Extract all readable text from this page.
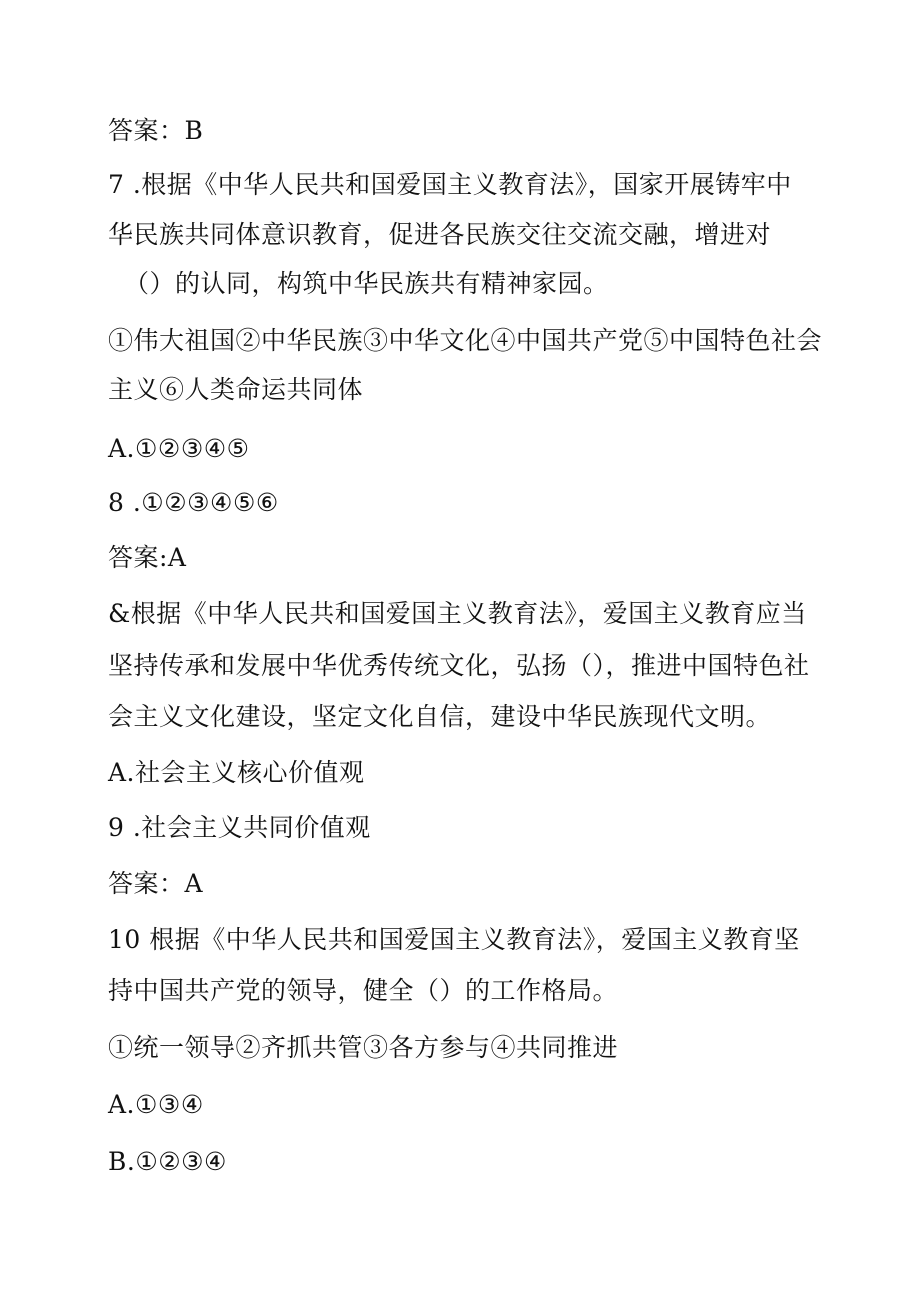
答案：B
7 .根据《中华人民共和国爱国主义教育法》，国家开展铸牢中
华民族共同体意识教育，促进各民族交往交流交融，增进对
（）的认同，构筑中华民族共有精神家园。
①伟大祖国②中华民族③中华文化④中国共产党⑤中国特色社会
主义⑥人类命运共同体
A.①②③④⑤
8 .①②③④⑤⑥
答案:A
&根据《中华人民共和国爱国主义教育法》，爱国主义教育应当
坚持传承和发展中华优秀传统文化，弘扬（），推进中国特色社
会主义文化建设，坚定文化自信，建设中华民族现代文明。
A.社会主义核心价值观
9 .社会主义共同价值观
答案：A
10 根据《中华人民共和国爱国主义教育法》，爱国主义教育坚
持中国共产党的领导，健全（）的工作格局。
①统一领导②齐抓共管③各方参与④共同推进
A.①③④
B.①②③④
